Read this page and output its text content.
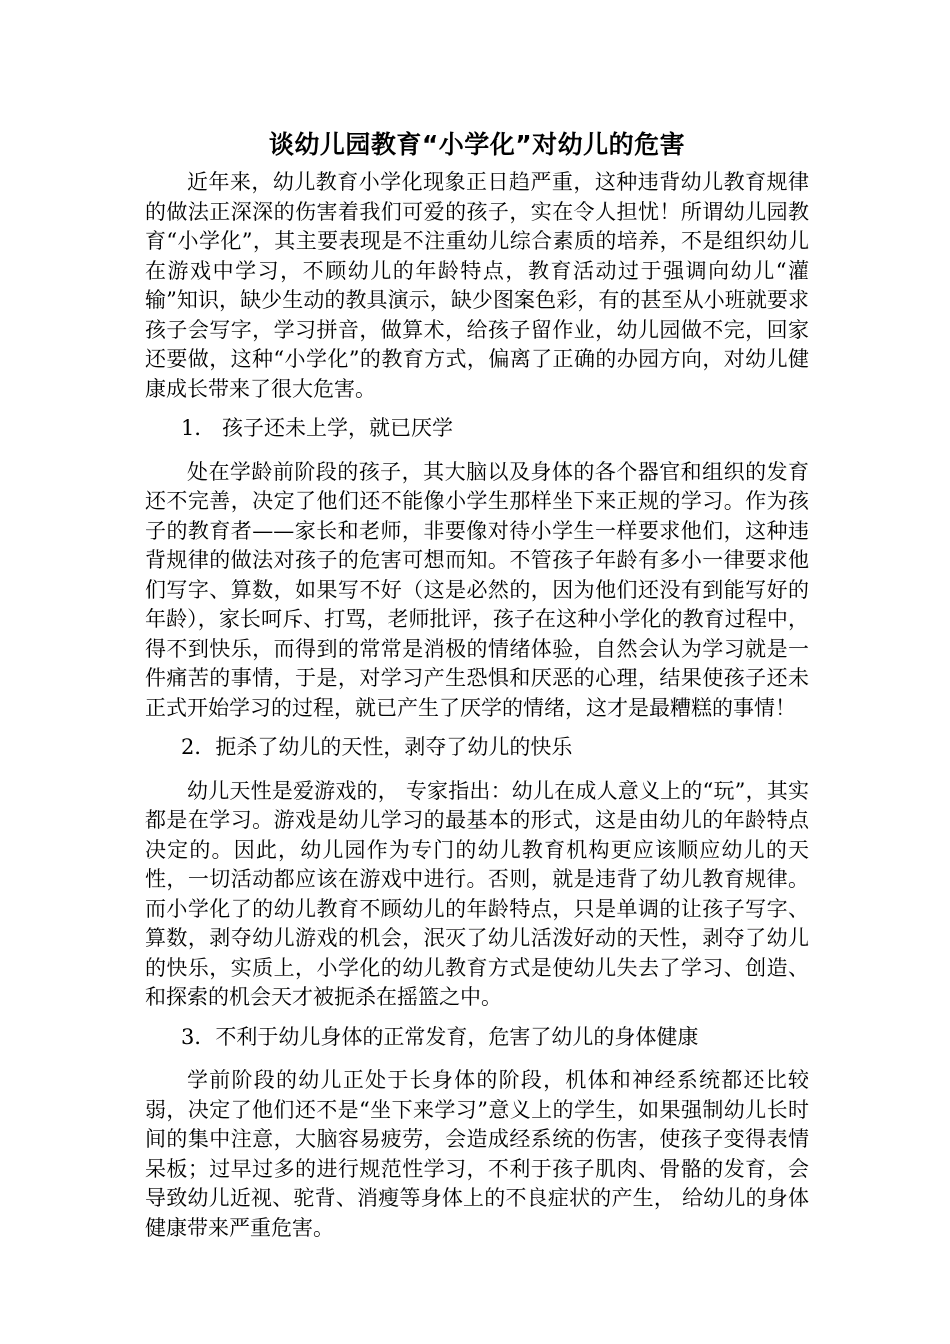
谈幼儿园教育“小学化”对幼儿的危害

近年来，幼儿教育小学化现象正日趋严重，这种违背幼儿教育规律的做法正深深的伤害着我们可爱的孩子，实在令人担忧！所谓幼儿园教育“小学化”，其主要表现是不注重幼儿综合素质的培养，不是组织幼儿在游戏中学习，不顾幼儿的年龄特点，教育活动过于强调向幼儿“灌输”知识，缺少生动的教具演示，缺少图案色彩，有的甚至从小班就要求孩子会写字，学习拼音，做算术，给孩子留作业，幼儿园做不完，回家还要做，这种“小学化”的教育方式，偏离了正确的办园方向，对幼儿健康成长带来了很大危害。

1． 孩子还未上学，就已厌学

处在学龄前阶段的孩子，其大脑以及身体的各个器官和组织的发育还不完善，决定了他们还不能像小学生那样坐下来正规的学习。作为孩子的教育者——家长和老师，非要像对待小学生一样要求他们，这种违背规律的做法对孩子的危害可想而知。不管孩子年龄有多小一律要求他们写字、算数，如果写不好（这是必然的，因为他们还没有到能写好的年龄），家长呵斥、打骂，老师批评，孩子在这种小学化的教育过程中，得不到快乐，而得到的常常是消极的情绪体验，自然会认为学习就是一件痛苦的事情，于是，对学习产生恐惧和厌恶的心理，结果使孩子还未正式开始学习的过程，就已产生了厌学的情绪，这才是最糟糕的事情！

2．扼杀了幼儿的天性，剥夺了幼儿的快乐

幼儿天性是爱游戏的， 专家指出：幼儿在成人意义上的“玩”，其实都是在学习。游戏是幼儿学习的最基本的形式，这是由幼儿的年龄特点决定的。因此，幼儿园作为专门的幼儿教育机构更应该顺应幼儿的天性，一切活动都应该在游戏中进行。否则，就是违背了幼儿教育规律。而小学化了的幼儿教育不顾幼儿的年龄特点，只是单调的让孩子写字、算数，剥夺幼儿游戏的机会，泯灭了幼儿活泼好动的天性，剥夺了幼儿的快乐，实质上，小学化的幼儿教育方式是使幼儿失去了学习、创造、和探索的机会天才被扼杀在摇篮之中。

3．不利于幼儿身体的正常发育，危害了幼儿的身体健康

学前阶段的幼儿正处于长身体的阶段，机体和神经系统都还比较弱，决定了他们还不是“坐下来学习”意义上的学生，如果强制幼儿长时间的集中注意，大脑容易疲劳，会造成经系统的伤害，使孩子变得表情呆板；过早过多的进行规范性学习，不利于孩子肌肉、骨骼的发育，会导致幼儿近视、驼背、消瘦等身体上的不良症状的产生， 给幼儿的身体健康带来严重危害。
